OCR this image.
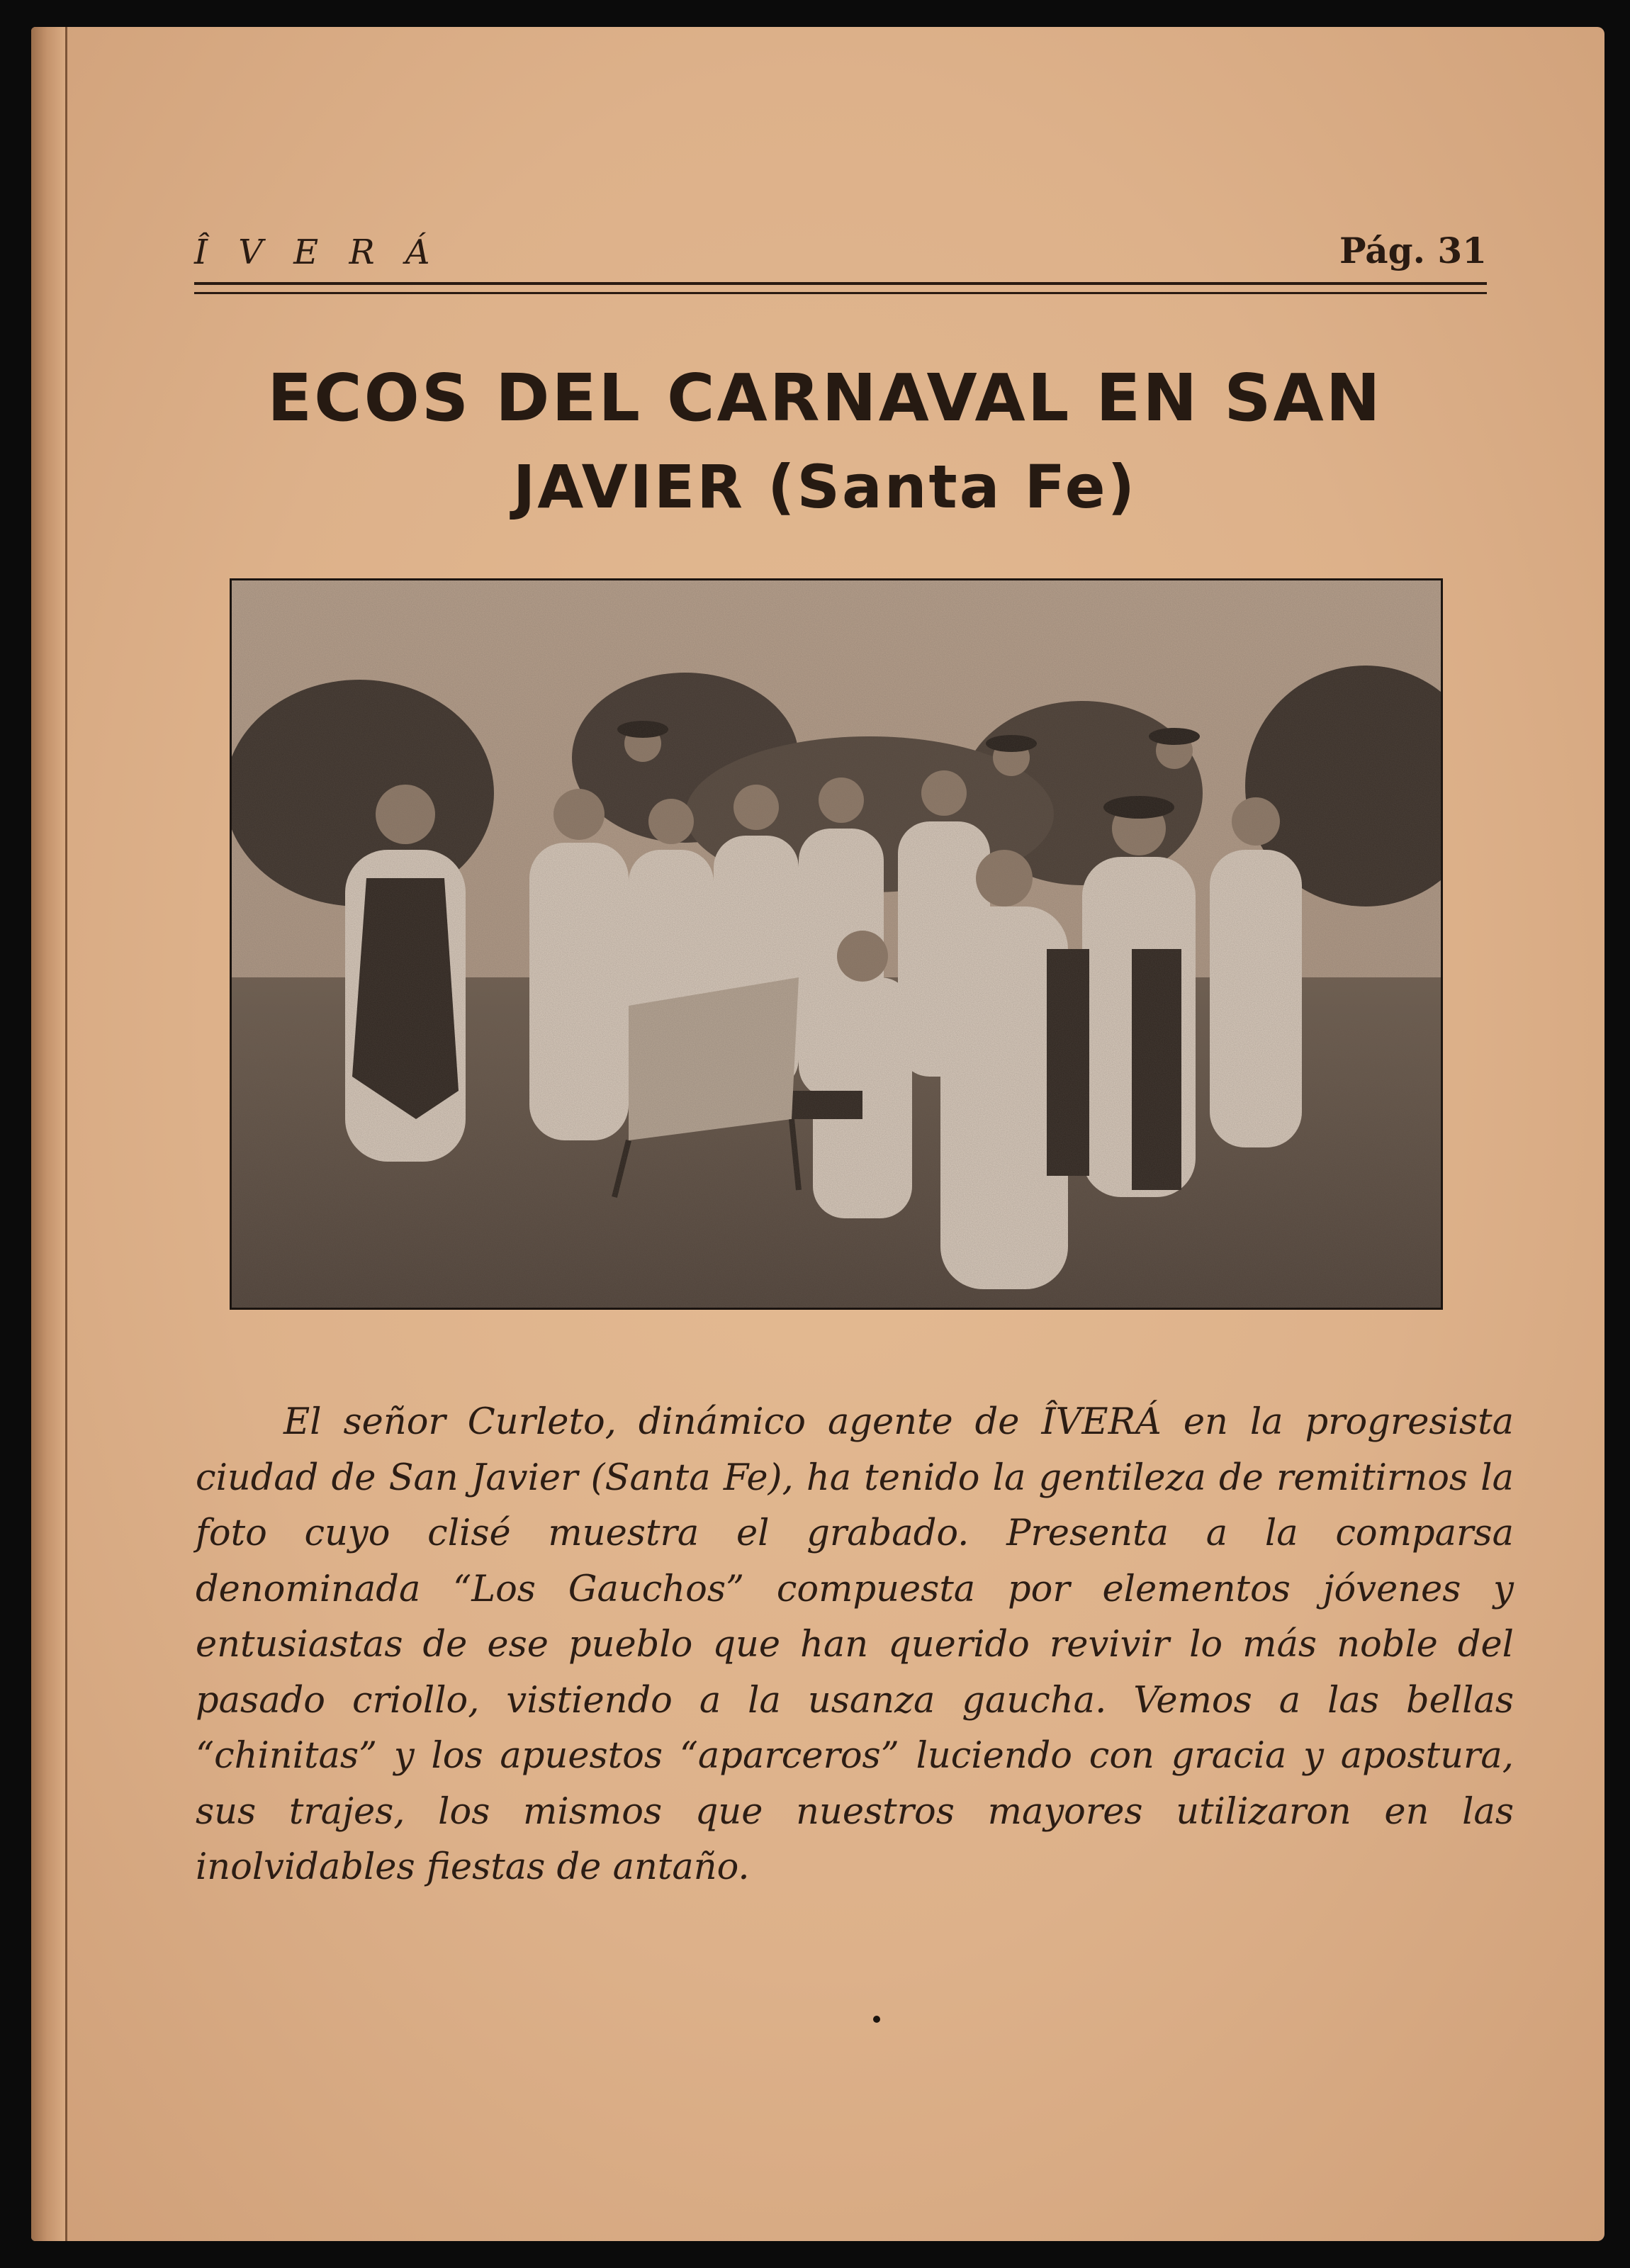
Î V E R Á	Pág. 31
ECOS DEL CARNAVAL EN SAN
JAVIER (Santa Fe)
El señor Curleto, dinámico agente de ÎVERÁ en la progresista ciudad de San Javier (Santa Fe), ha tenido la gentileza de remitirnos la foto cuyo clisé muestra el grabado. Presenta a la comparsa denominada “Los Gauchos” compuesta por elementos jóvenes y entusiastas de ese pueblo que han querido revivir lo más noble del pasado criollo, vistiendo a la usanza gaucha. Vemos a las bellas “chinitas” y los apuestos “aparceros” luciendo con gracia y apostura, sus trajes, los mismos que nuestros mayores utilizaron en las inolvidables fiestas de antaño.
